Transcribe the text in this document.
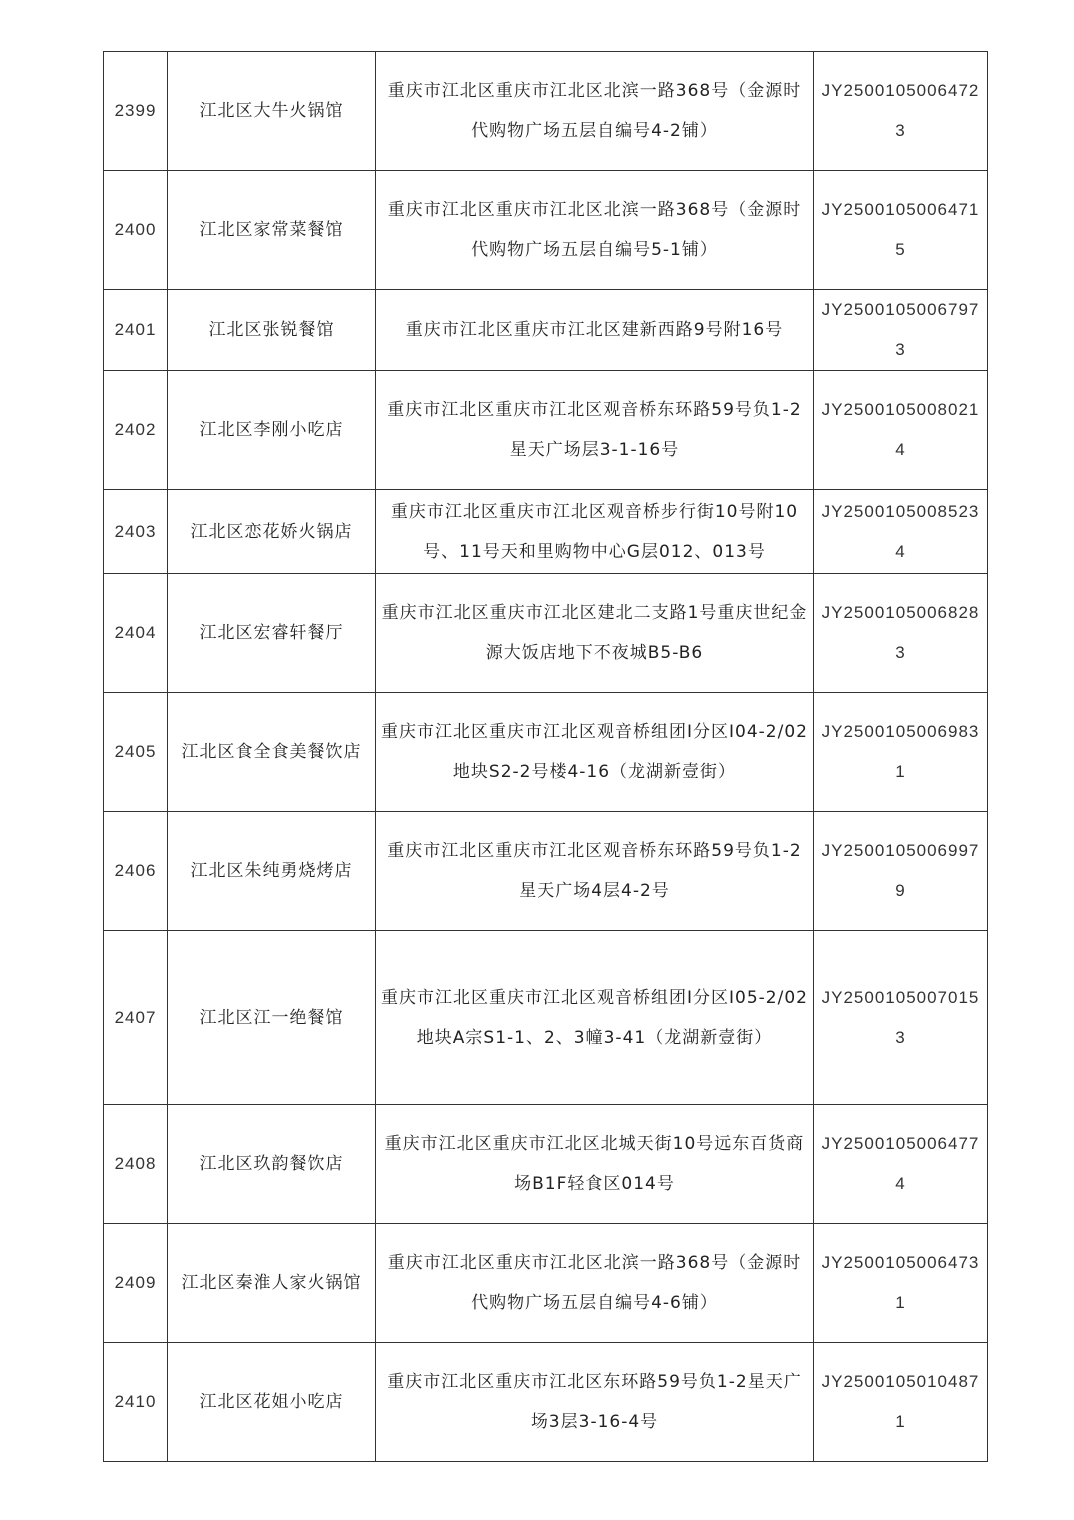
2399	江北区大牛火锅馆	重庆市江北区重庆市江北区北滨一路368号（金源时代购物广场五层自编号4-2铺）	JY25001050064723
2400	江北区家常菜餐馆	重庆市江北区重庆市江北区北滨一路368号（金源时代购物广场五层自编号5-1铺）	JY25001050064715
2401	江北区张锐餐馆	重庆市江北区重庆市江北区建新西路9号附16号	JY25001050067973
2402	江北区李刚小吃店	重庆市江北区重庆市江北区观音桥东环路59号负1-2星天广场层3-1-16号	JY25001050080214
2403	江北区恋花娇火锅店	重庆市江北区重庆市江北区观音桥步行街10号附10号、11号天和里购物中心G层012、013号	JY25001050085234
2404	江北区宏睿轩餐厅	重庆市江北区重庆市江北区建北二支路1号重庆世纪金源大饭店地下不夜城B5-B6	JY25001050068283
2405	江北区食全食美餐饮店	重庆市江北区重庆市江北区观音桥组团I分区I04-2/02地块S2-2号楼4-16（龙湖新壹街）	JY25001050069831
2406	江北区朱纯勇烧烤店	重庆市江北区重庆市江北区观音桥东环路59号负1-2星天广场4层4-2号	JY25001050069979
2407	江北区江一绝餐馆	重庆市江北区重庆市江北区观音桥组团I分区I05-2/02地块A宗S1-1、2、3幢3-41（龙湖新壹街）	JY25001050070153
2408	江北区玖韵餐饮店	重庆市江北区重庆市江北区北城天街10号远东百货商场B1F轻食区014号	JY25001050064774
2409	江北区秦淮人家火锅馆	重庆市江北区重庆市江北区北滨一路368号（金源时代购物广场五层自编号4-6铺）	JY25001050064731
2410	江北区花姐小吃店	重庆市江北区重庆市江北区东环路59号负1-2星天广场3层3-16-4号	JY25001050104871
